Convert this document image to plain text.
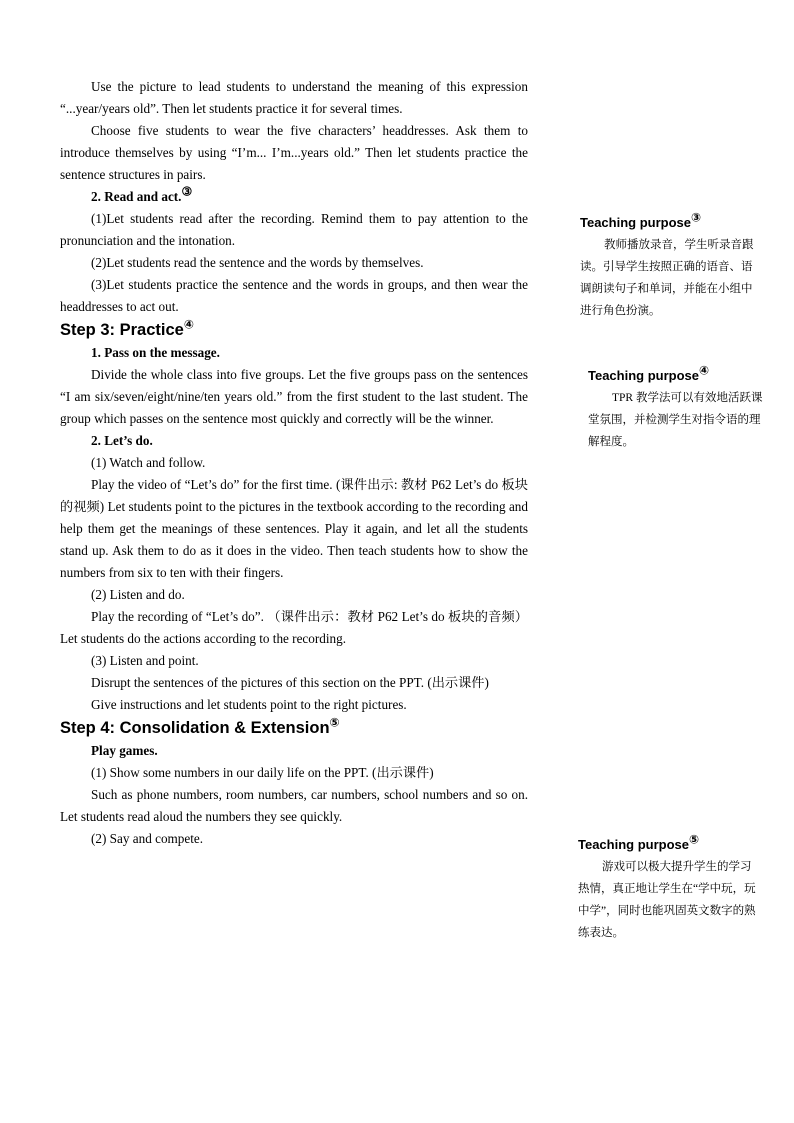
Use the picture to lead students to understand the meaning of this expression “...year/years old”. Then let students practice it for several times.

Choose five students to wear the five characters’ headdresses. Ask them to introduce themselves by using “I’m... I’m...years old.” Then let students practice the sentence structures in pairs.

2. Read and act.③

(1)Let students read after the recording. Remind them to pay attention to the pronunciation and the intonation.

(2)Let students read the sentence and the words by themselves.

(3)Let students practice the sentence and the words in groups, and then wear the headdresses to act out.

Step 3: Practice④

1. Pass on the message.

Divide the whole class into five groups. Let the five groups pass on the sentences “I am six/seven/eight/nine/ten years old.” from the first student to the last student. The group which passes on the sentence most quickly and correctly will be the winner.

2. Let’s do.

(1) Watch and follow.

Play the video of “Let’s do” for the first time. (课件出示: 教材 P62 Let’s do 板块的视频) Let students point to the pictures in the textbook according to the recording and help them get the meanings of these sentences. Play it again, and let all the students stand up. Ask them to do as it does in the video. Then teach students how to show the numbers from six to ten with their fingers.

(2) Listen and do.

Play the recording of “Let’s do”. （课件出示：教材 P62 Let’s do 板块的音频）Let students do the actions according to the recording.

(3) Listen and point.

Disrupt the sentences of the pictures of this section on the PPT. (出示课件)

Give instructions and let students point to the right pictures.

Step 4: Consolidation & Extension⑤

Play games.

(1) Show some numbers in our daily life on the PPT. (出示课件)

Such as phone numbers, room numbers, car numbers, school numbers and so on. Let students read aloud the numbers they see quickly.

(2) Say and compete.

Teaching purpose③

教师播放录音，学生听录音跟读。引导学生按照正确的语音、语调朗读句子和单词，并能在小组中进行角色扮演。

Teaching purpose④

TPR 教学法可以有效地活跃课堂氛围，并检测学生对指令语的理解程度。

Teaching purpose⑤

游戏可以极大提升学生的学习热情，真正地让学生在“学中玩，玩中学”，同时也能巩固英文数字的熟练表达。
